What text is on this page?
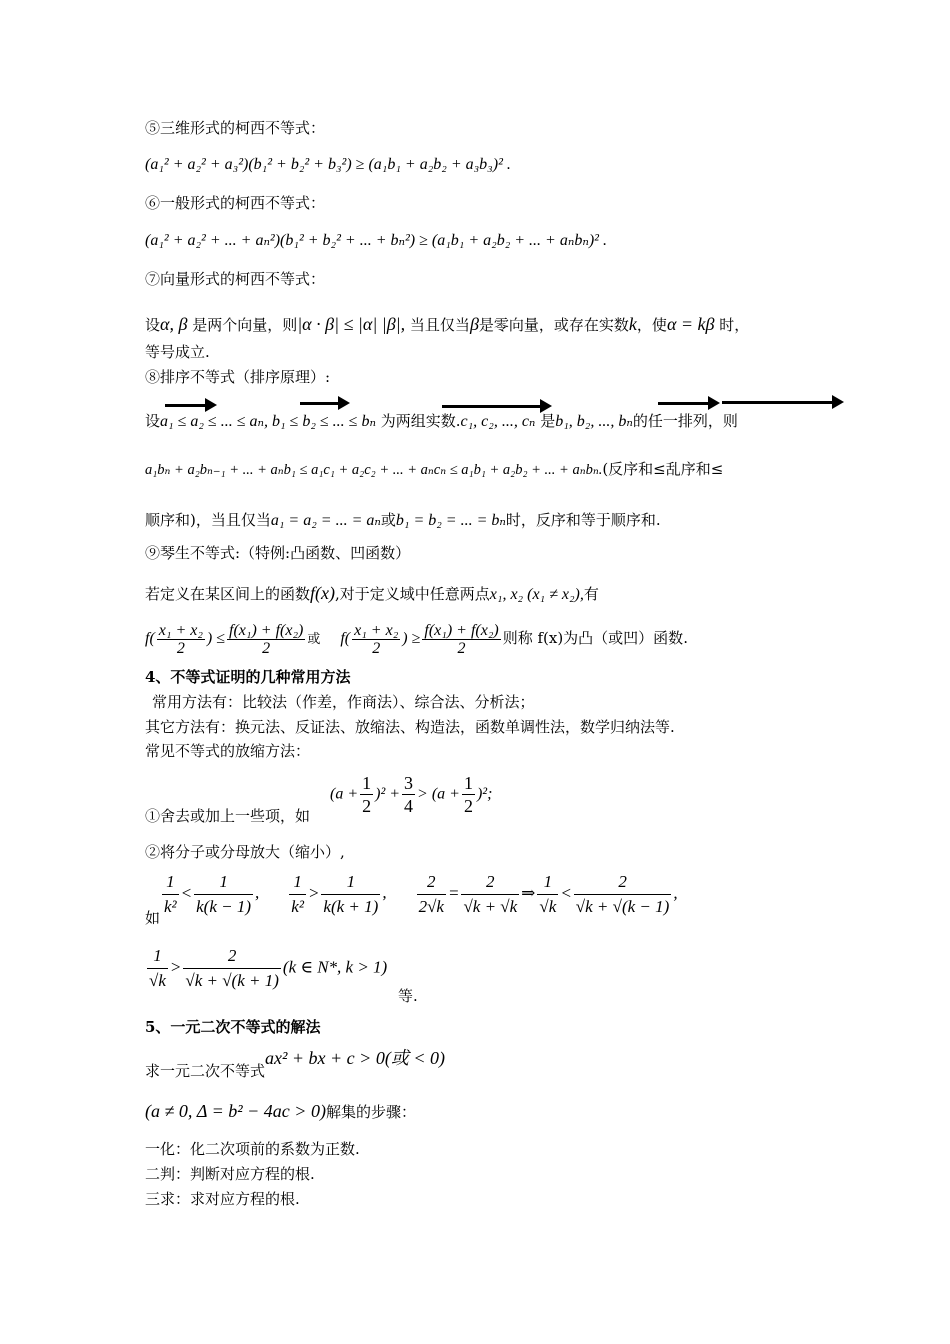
⑤三维形式的柯西不等式：
(a₁² + a₂² + a₃²)(b₁² + b₂² + b₃²) ≥ (a₁b₁ + a₂b₂ + a₃b₃)² .
⑥一般形式的柯西不等式：
(a₁² + a₂² + ... + aₙ²)(b₁² + b₂² + ... + bₙ²) ≥ (a₁b₁ + a₂b₂ + ... + aₙbₙ)² .
⑦向量形式的柯西不等式：
设α, β 是两个向量，则|α · β| ≤ |α| |β|, 当且仅当β是零向量，或存在实数k，使α = kβ 时，
等号成立.
⑧排序不等式（排序原理）:
设a₁ ≤ a₂ ≤ ... ≤ aₙ, b₁ ≤ b₂ ≤ ... ≤ bₙ 为两组实数.c₁, c₂, ..., cₙ 是b₁, b₂, ..., bₙ的任一排列，则
a₁bₙ + a₂bₙ₋₁ + ... + aₙb₁ ≤ a₁c₁ + a₂c₂ + ... + aₙcₙ ≤ a₁b₁ + a₂b₂ + ... + aₙbₙ.(反序和≤乱序和≤
顺序和)，当且仅当a₁ = a₂ = ... = aₙ或b₁ = b₂ = ... = bₙ时，反序和等于顺序和.
⑨琴生不等式:（特例:凸函数、凹函数）
若定义在某区间上的函数f(x),对于定义域中任意两点x₁, x₂ (x₁ ≠ x₂),有
$f( \frac{\text{x₁ + x₂}}{2}$ ) ≤ $\frac{\text{f(x₁) + f(x₂)}}{2}$ 或 $f( \frac{\text{x₁ + x₂}}{2}$ ) ≥ $\frac{\text{f(x₁) + f(x₂)}}{2}$ 则称 f(x)为凸（或凹）函数.
4、不等式证明的几种常用方法
常用方法有：比较法（作差，作商法）、综合法、分析法；
其它方法有：换元法、反证法、放缩法、构造法，函数单调性法，数学归纳法等.
常见不等式的放缩方法：
①舍去或加上一些项，如
$(a + \frac{1}{2} )^2 + \frac{3}{4} > (a + \frac{1}{2} )^2$;
②将分子或分母放大（缩小）,
如 $\frac{1}{\text{k²}} < \frac{1}{k(k - 1)}$ , $\frac{1}{\text{k²}} > \frac{1}{k(k + 1)}$ , $\frac{2}{2√k} = \frac{2}{√k + √k}$ ⇒ $\frac{1}{√k} < \frac{2}{√k + √(k - 1)}$ ,
$\frac{1}{√k} > \frac{2}{√k + √(k + 1)} (k$ ∈ N*, k > 1)
等.
5、一元二次不等式的解法
求一元二次不等式ax² + bx + c > 0(或 < 0)
(a ≠ 0, Δ = b² − 4ac > 0)解集的步骤：
一化：化二次项前的系数为正数.
二判：判断对应方程的根.
三求：求对应方程的根.
